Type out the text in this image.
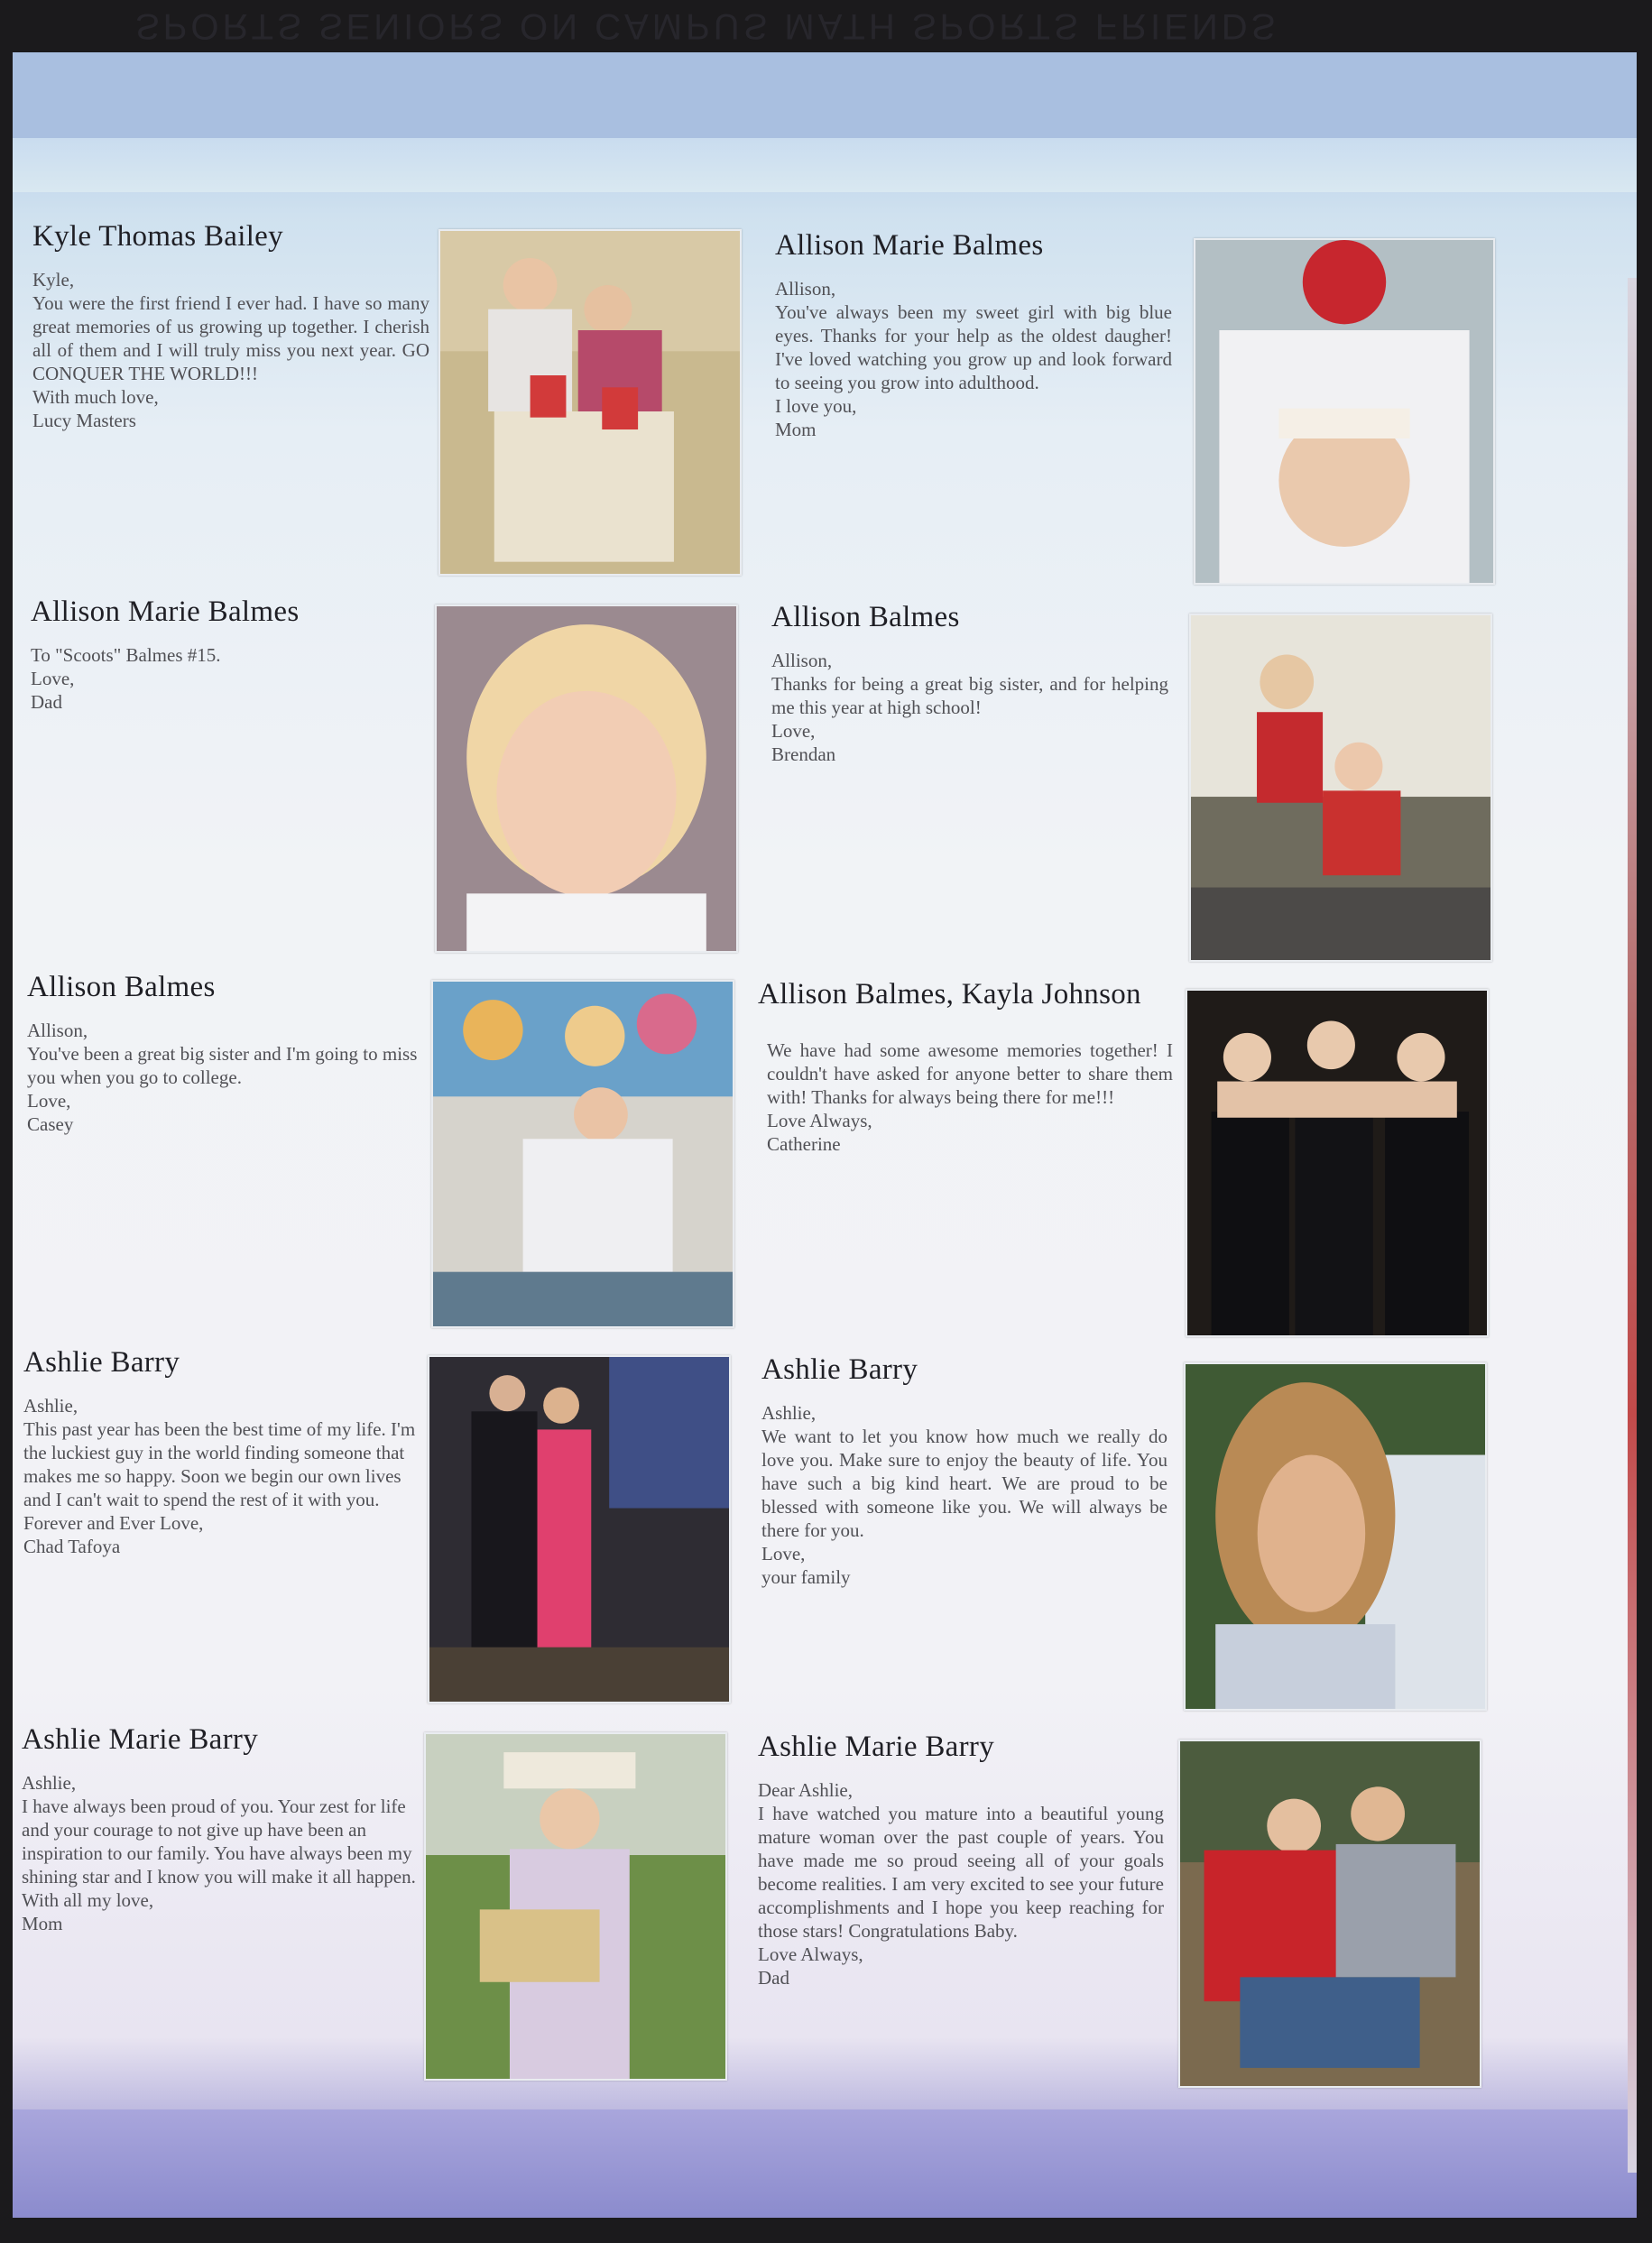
SPORTS SENIORS ON CAMPUS MATH SPORTS FRIENDS
Kyle Thomas Bailey
Kyle,
You were the first friend I ever had. I have so many great memories of us growing up together. I cherish all of them and I will truly miss you next year. GO CONQUER THE WORLD!!!
With much love,
Lucy Masters
Allison Marie Balmes
Allison,
You've always been my sweet girl with big blue eyes. Thanks for your help as the oldest daugher! I've loved watching you grow up and look forward to seeing you grow into adulthood.
I love you,
Mom
Allison Marie Balmes
To "Scoots" Balmes #15.
Love,
Dad
Allison Balmes
Allison,
Thanks for being a great big sister, and for helping me this year at high school!
Love,
Brendan
Allison Balmes
Allison,
You've been a great big sister and I'm going to miss you when you go to college.
Love,
Casey
Allison Balmes, Kayla Johnson
We have had some awesome memories together! I couldn't have asked for anyone better to share them with! Thanks for always being there for me!!!
Love Always,
Catherine
Ashlie Barry
Ashlie,
This past year has been the best time of my life. I'm the luckiest guy in the world finding someone that makes me so happy. Soon we begin our own lives and I can't wait to spend the rest of it with you.
Forever and Ever Love,
Chad Tafoya
Ashlie Barry
Ashlie,
We want to let you know how much we really do love you. Make sure to enjoy the beauty of life. You have such a big kind heart. We are proud to be blessed with someone like you. We will always be there for you.
Love,
your family
Ashlie Marie Barry
Ashlie,
I have always been proud of you. Your zest for life and your courage to not give up have been an inspiration to our family. You have always been my shining star and I know you will make it all happen.
With all my love,
Mom
Ashlie Marie Barry
Dear Ashlie,
I have watched you mature into a beautiful young mature woman over the past couple of years. You have made me so proud seeing all of your goals become realities. I am very excited to see your future accomplishments and I hope you keep reaching for those stars! Congratulations Baby.
Love Always,
Dad
